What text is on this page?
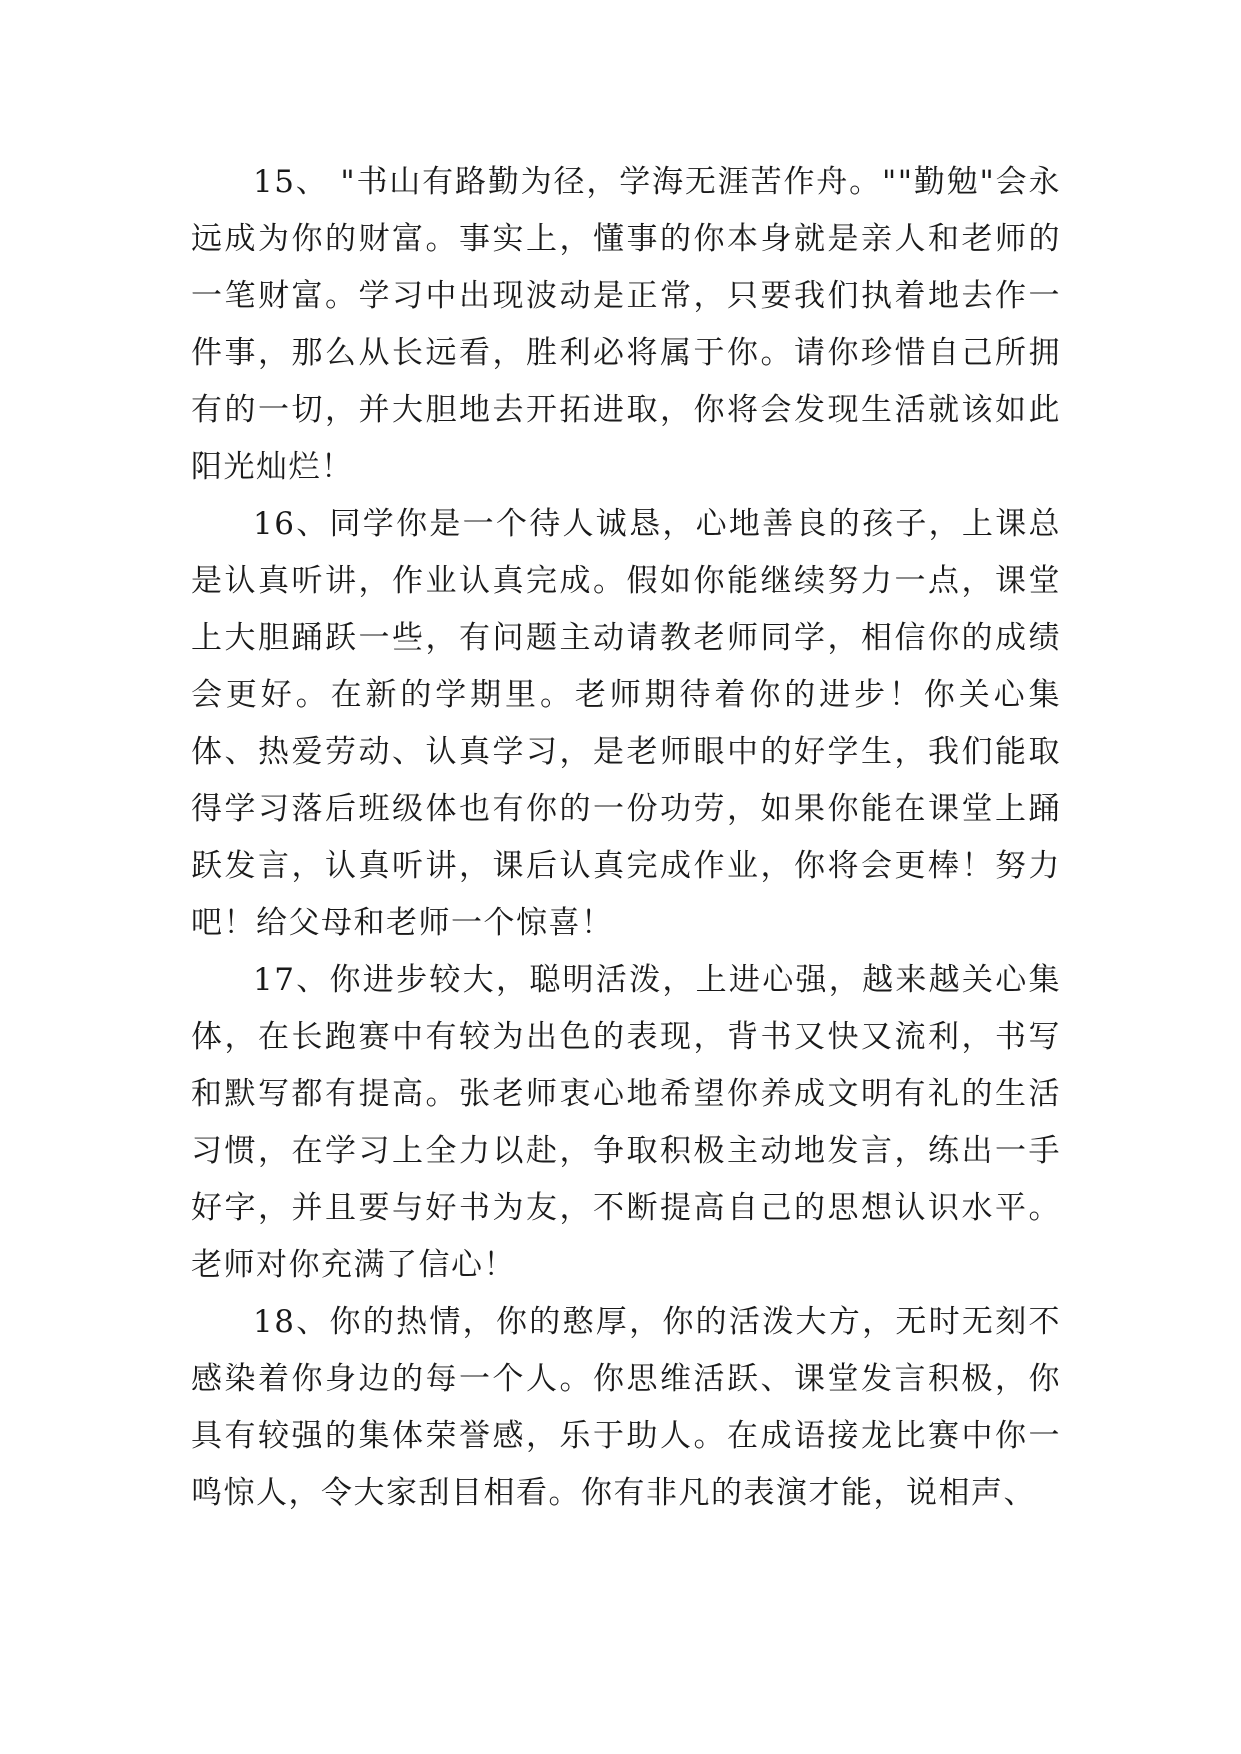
15、 "书山有路勤为径，学海无涯苦作舟。""勤勉"会永远成为你的财富。事实上，懂事的你本身就是亲人和老师的一笔财富。学习中出现波动是正常，只要我们执着地去作一件事，那么从长远看，胜利必将属于你。请你珍惜自己所拥有的一切，并大胆地去开拓进取，你将会发现生活就该如此阳光灿烂！

16、同学你是一个待人诚恳，心地善良的孩子，上课总是认真听讲，作业认真完成。假如你能继续努力一点，课堂上大胆踊跃一些，有问题主动请教老师同学，相信你的成绩会更好。在新的学期里。老师期待着你的进步！你关心集体、热爱劳动、认真学习，是老师眼中的好学生，我们能取得学习落后班级体也有你的一份功劳，如果你能在课堂上踊跃发言，认真听讲，课后认真完成作业，你将会更棒！努力吧！给父母和老师一个惊喜！

17、你进步较大，聪明活泼，上进心强，越来越关心集体，在长跑赛中有较为出色的表现，背书又快又流利，书写和默写都有提高。张老师衷心地希望你养成文明有礼的生活习惯，在学习上全力以赴，争取积极主动地发言，练出一手好字，并且要与好书为友，不断提高自己的思想认识水平。老师对你充满了信心！

18、你的热情，你的憨厚，你的活泼大方，无时无刻不感染着你身边的每一个人。你思维活跃、课堂发言积极，你具有较强的集体荣誉感，乐于助人。在成语接龙比赛中你一鸣惊人，令大家刮目相看。你有非凡的表演才能，说相声、
